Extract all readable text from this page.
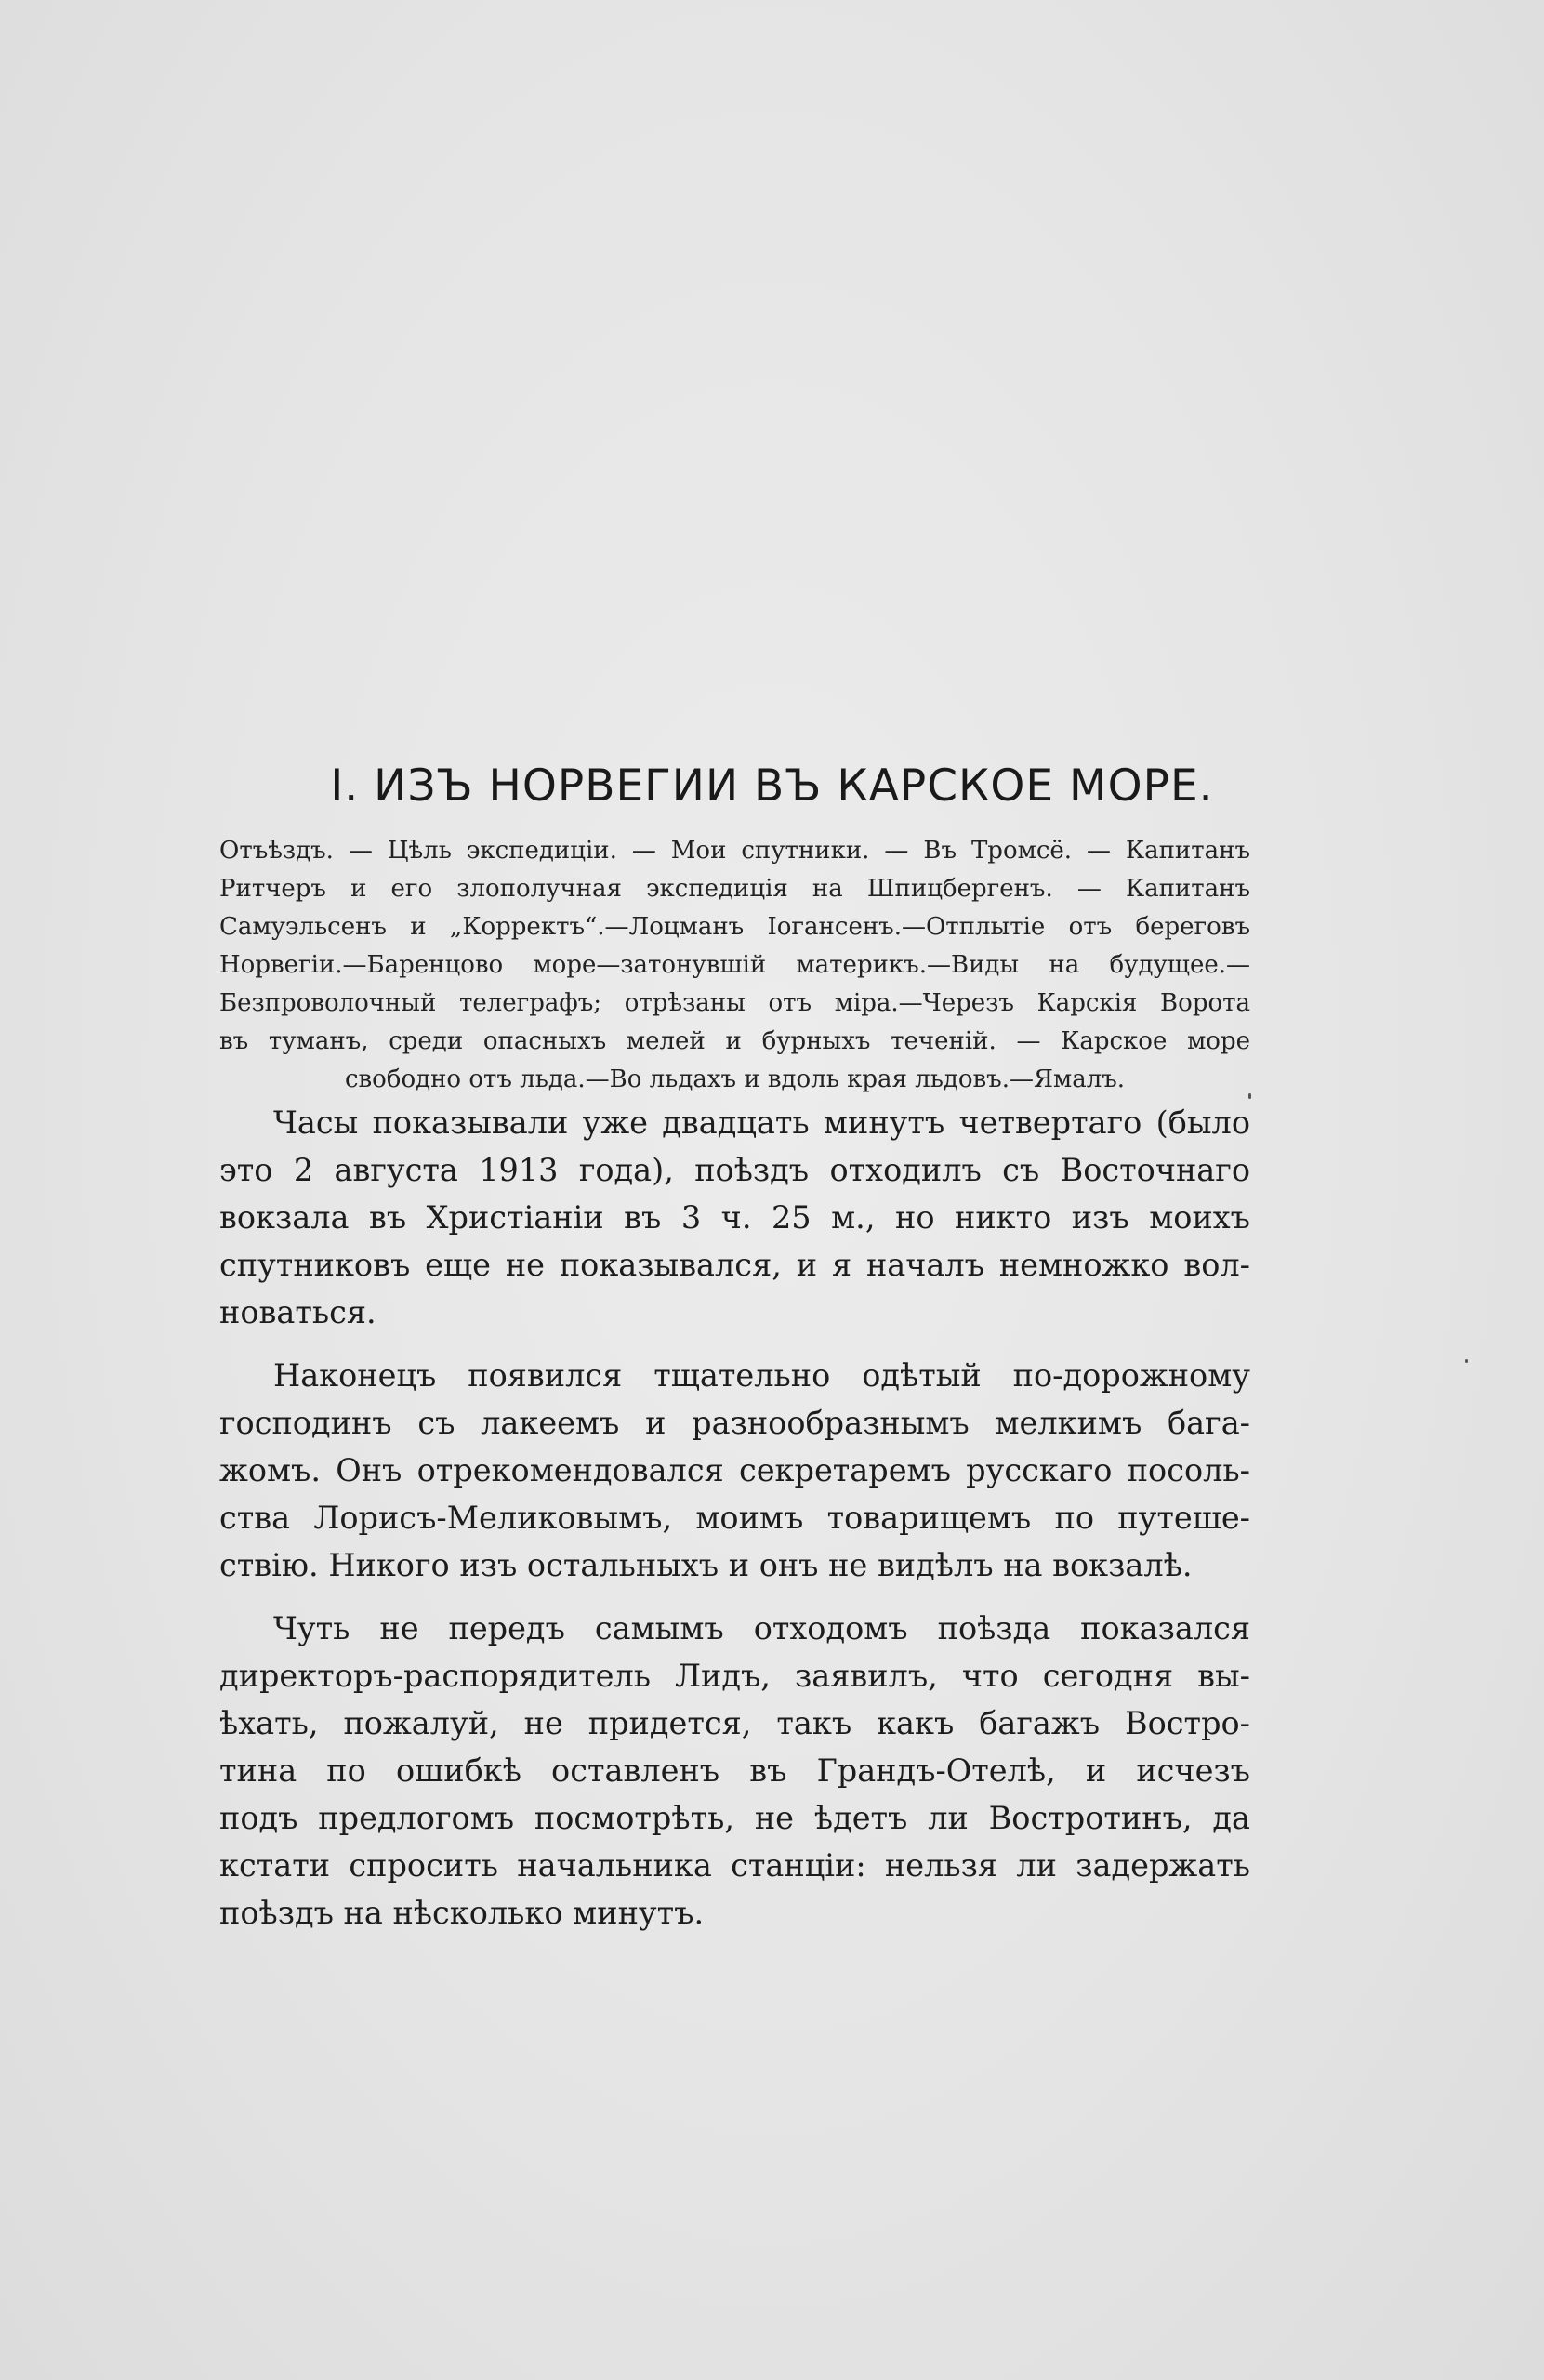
I. ИЗЪ НОРВЕГИИ ВЪ КАРСКОЕ МОРЕ.
Отъѣздъ. — Цѣль экспедиціи. — Мои спутники. — Въ Тромсё. — Капитанъ
Ритчеръ и его злополучная экспедиція на Шпицбергенъ. — Капитанъ
Самуэльсенъ и „Корректъ“.—Лоцманъ Іогансенъ.—Отплытіе отъ береговъ
Норвегіи.—Баренцово море—затонувшій материкъ.—Виды на будущее.—
Безпроволочный телеграфъ; отрѣзаны отъ міра.—Черезъ Карскія Ворота
въ туманъ, среди опасныхъ мелей и бурныхъ теченій. — Карское море
свободно отъ льда.—Во льдахъ и вдоль края льдовъ.—Ямалъ.
Часы показывали уже двадцать минутъ четвертаго (было
это 2 августа 1913 года), поѣздъ отходилъ съ Восточнаго
вокзала въ Христіаніи въ 3 ч. 25 м., но никто изъ моихъ
спутниковъ еще не показывался, и я началъ немножко вол-
новаться.
Наконецъ появился тщательно одѣтый по-дорожному
господинъ съ лакеемъ и разнообразнымъ мелкимъ бага-
жомъ. Онъ отрекомендовался секретаремъ русскаго посоль-
ства Лорисъ-Меликовымъ, моимъ товарищемъ по путеше-
ствію. Никого изъ остальныхъ и онъ не видѣлъ на вокзалѣ.
Чуть не передъ самымъ отходомъ поѣзда показался
директоръ-распорядитель Лидъ, заявилъ, что сегодня вы-
ѣхать, пожалуй, не придется, такъ какъ багажъ Востро-
тина по ошибкѣ оставленъ въ Грандъ-Отелѣ, и исчезъ
подъ предлогомъ посмотрѣть, не ѣдетъ ли Востротинъ, да
кстати спросить начальника станціи: нельзя ли задержать
поѣздъ на нѣсколько минутъ.
